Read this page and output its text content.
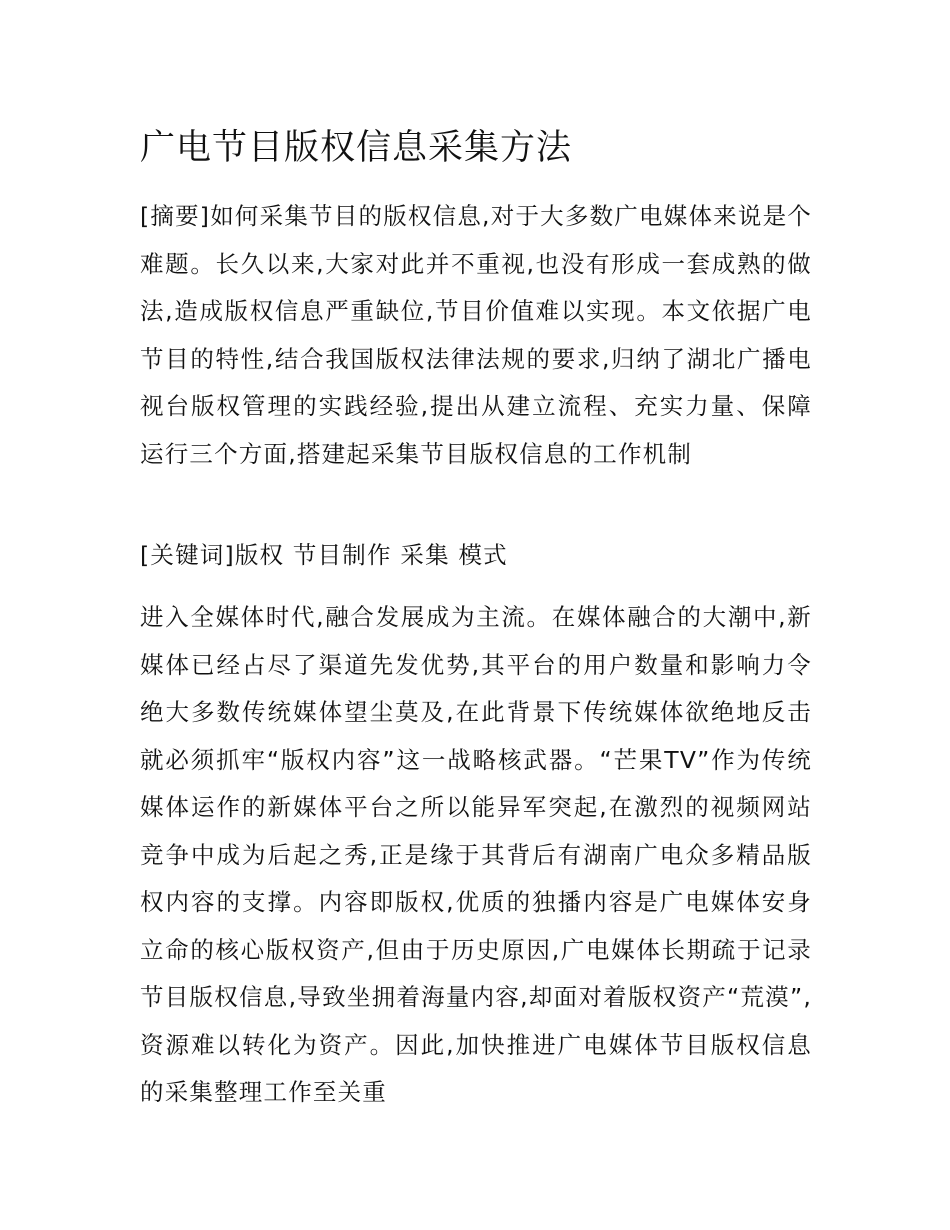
广电节目版权信息采集方法

[摘要]如何采集节目的版权信息,对于大多数广电媒体来说是个难题。长久以来,大家对此并不重视,也没有形成一套成熟的做法,造成版权信息严重缺位,节目价值难以实现。本文依据广电节目的特性,结合我国版权法律法规的要求,归纳了湖北广播电视台版权管理的实践经验,提出从建立流程、充实力量、保障运行三个方面,搭建起采集节目版权信息的工作机制

[关键词]版权 节目制作 采集 模式

进入全媒体时代,融合发展成为主流。在媒体融合的大潮中,新媒体已经占尽了渠道先发优势,其平台的用户数量和影响力令绝大多数传统媒体望尘莫及,在此背景下传统媒体欲绝地反击就必须抓牢“版权内容”这一战略核武器。“芒果TV”作为传统媒体运作的新媒体平台之所以能异军突起,在激烈的视频网站竞争中成为后起之秀,正是缘于其背后有湖南广电众多精品版权内容的支撑。内容即版权,优质的独播内容是广电媒体安身立命的核心版权资产,但由于历史原因,广电媒体长期疏于记录节目版权信息,导致坐拥着海量内容,却面对着版权资产“荒漠”,资源难以转化为资产。因此,加快推进广电媒体节目版权信息的采集整理工作至关重
